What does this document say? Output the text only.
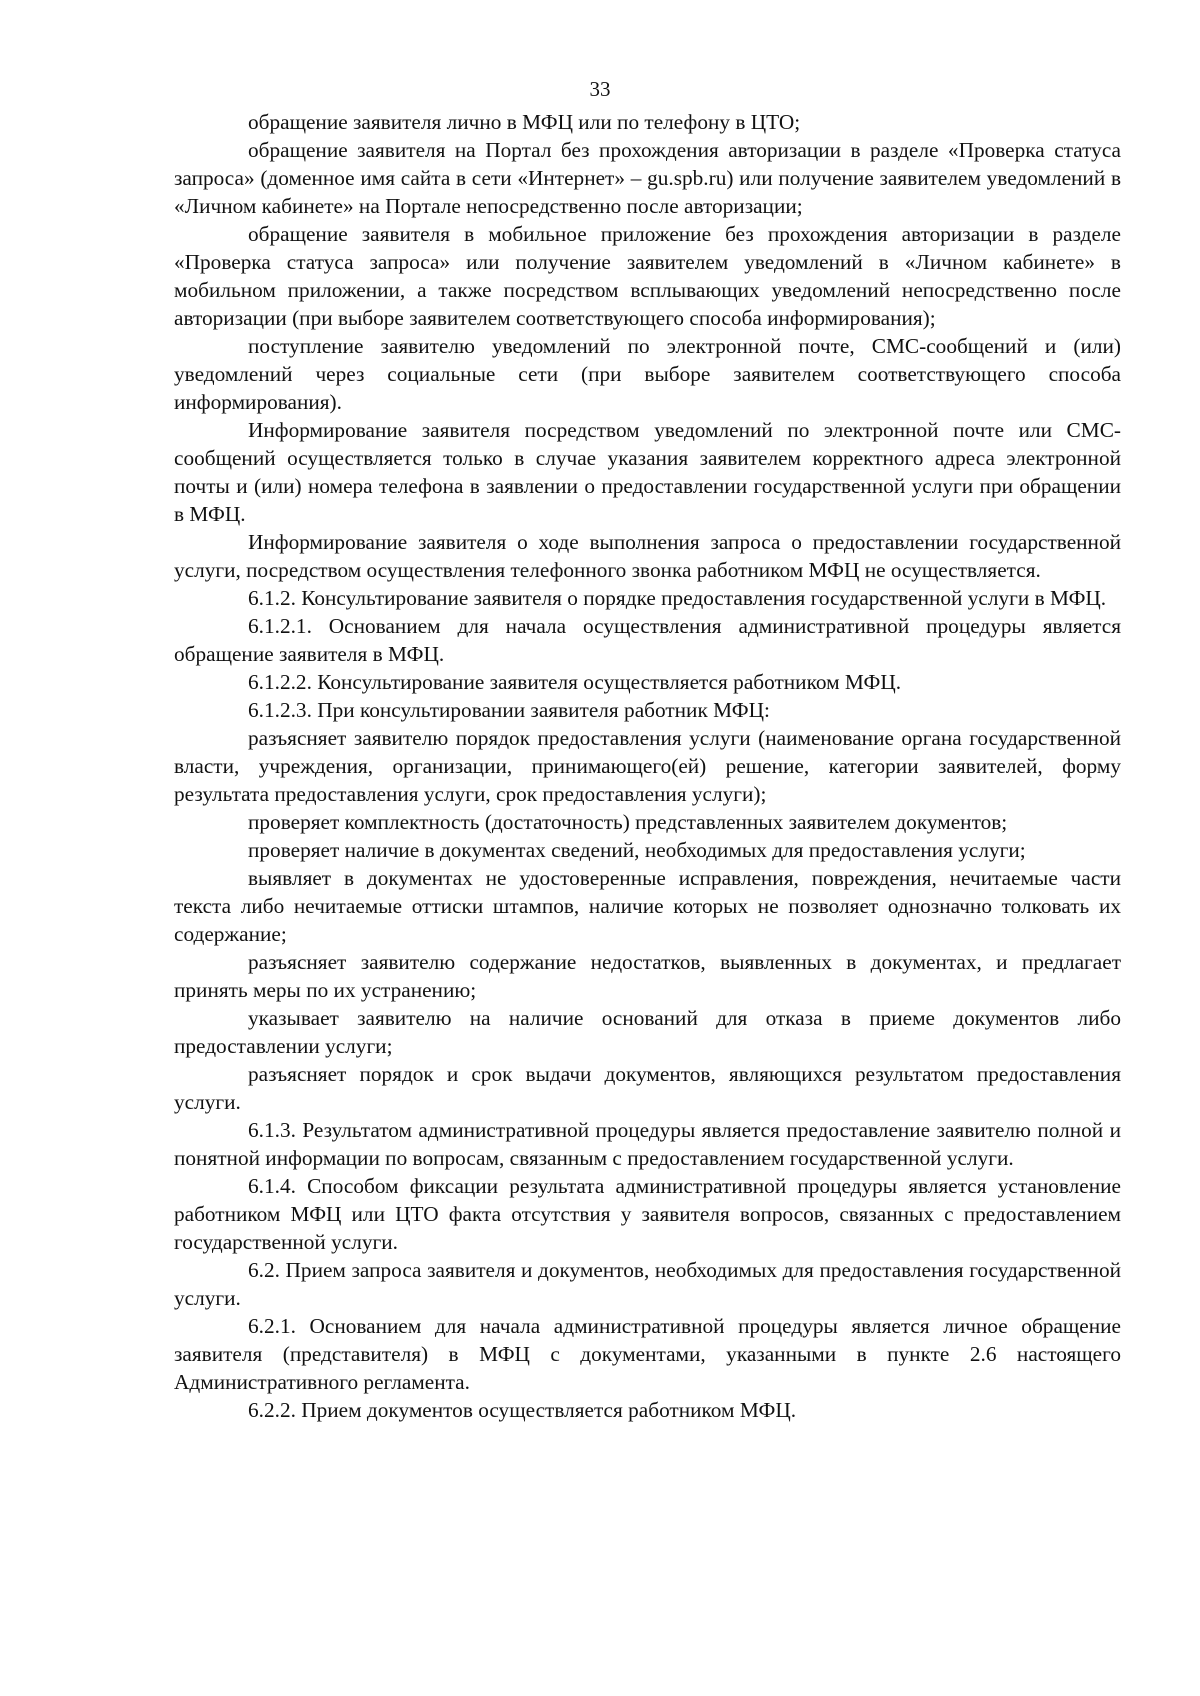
33

обращение заявителя лично в МФЦ или по телефону в ЦТО;

обращение заявителя на Портал без прохождения авторизации в разделе «Проверка статуса запроса» (доменное имя сайта в сети «Интернет» – gu.spb.ru) или получение заявителем уведомлений в «Личном кабинете» на Портале непосредственно после авторизации;

обращение заявителя в мобильное приложение без прохождения авторизации в разделе «Проверка статуса запроса» или получение заявителем уведомлений в «Личном кабинете» в мобильном приложении, а также посредством всплывающих уведомлений непосредственно после авторизации (при выборе заявителем соответствующего способа информирования);

поступление заявителю уведомлений по электронной почте, СМС-сообщений и (или) уведомлений через социальные сети (при выборе заявителем соответствующего способа информирования).

Информирование заявителя посредством уведомлений по электронной почте или СМС-сообщений осуществляется только в случае указания заявителем корректного адреса электронной почты и (или) номера телефона в заявлении о предоставлении государственной услуги при обращении в МФЦ.

Информирование заявителя о ходе выполнения запроса о предоставлении государственной услуги, посредством осуществления телефонного звонка работником МФЦ не осуществляется.

6.1.2. Консультирование заявителя о порядке предоставления государственной услуги в МФЦ.

6.1.2.1. Основанием для начала осуществления административной процедуры является обращение заявителя в МФЦ.

6.1.2.2. Консультирование заявителя осуществляется работником МФЦ.

6.1.2.3. При консультировании заявителя работник МФЦ:

разъясняет заявителю порядок предоставления услуги (наименование органа государственной власти, учреждения, организации, принимающего(ей) решение, категории заявителей, форму результата предоставления услуги, срок предоставления услуги);

проверяет комплектность (достаточность) представленных заявителем документов;

проверяет наличие в документах сведений, необходимых для предоставления услуги;

выявляет в документах не удостоверенные исправления, повреждения, нечитаемые части текста либо нечитаемые оттиски штампов, наличие которых не позволяет однозначно толковать их содержание;

разъясняет заявителю содержание недостатков, выявленных в документах, и предлагает принять меры по их устранению;

указывает заявителю на наличие оснований для отказа в приеме документов либо предоставлении услуги;

разъясняет порядок и срок выдачи документов, являющихся результатом предоставления услуги.

6.1.3. Результатом административной процедуры является предоставление заявителю полной и понятной информации по вопросам, связанным с предоставлением государственной услуги.

6.1.4. Способом фиксации результата административной процедуры является установление работником МФЦ или ЦТО факта отсутствия у заявителя вопросов, связанных с предоставлением государственной услуги.

6.2. Прием запроса заявителя и документов, необходимых для предоставления государственной услуги.

6.2.1. Основанием для начала административной процедуры является личное обращение заявителя (представителя) в МФЦ с документами, указанными в пункте 2.6 настоящего Административного регламента.

6.2.2. Прием документов осуществляется работником МФЦ.
